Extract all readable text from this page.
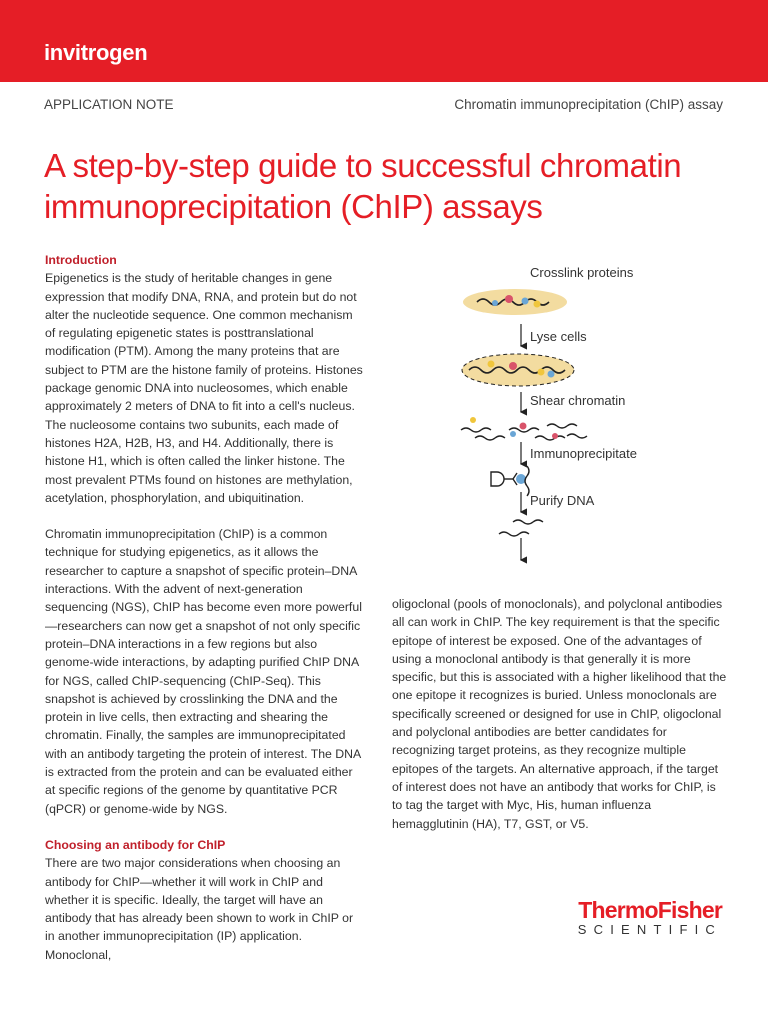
invitrogen
APPLICATION NOTE	Chromatin immunoprecipitation (ChIP) assay
A step-by-step guide to successful chromatin immunoprecipitation (ChIP) assays

Introduction

Epigenetics is the study of heritable changes in gene expression that modify DNA, RNA, and protein but do not alter the nucleotide sequence. One common mechanism of regulating epigenetic states is posttranslational modification (PTM). Among the many proteins that are subject to PTM are the histone family of proteins. Histones package genomic DNA into nucleosomes, which enable approximately 2 meters of DNA to fit into a cell's nucleus. The nucleosome contains two subunits, each made of histones H2A, H2B, H3, and H4. Additionally, there is histone H1, which is often called the linker histone. The most prevalent PTMs found on histones are methylation, acetylation, phosphorylation, and ubiquitination.

Chromatin immunoprecipitation (ChIP) is a common technique for studying epigenetics, as it allows the researcher to capture a snapshot of specific protein–DNA interactions. With the advent of next-generation sequencing (NGS), ChIP has become even more powerful—researchers can now get a snapshot of not only specific protein–DNA interactions in a few regions but also genome-wide interactions, by adapting purified ChIP DNA for NGS, called ChIP-sequencing (ChIP-Seq). This snapshot is achieved by crosslinking the DNA and the protein in live cells, then extracting and shearing the chromatin. Finally, the samples are immunoprecipitated with an antibody targeting the protein of interest. The DNA is extracted from the protein and can be evaluated either at specific regions of the genome by quantitative PCR (qPCR) or genome-wide by NGS.

Choosing an antibody for ChIP

There are two major considerations when choosing an antibody for ChIP—whether it will work in ChIP and whether it is specific. Ideally, the target will have an antibody that has already been shown to work in ChIP or in another immunoprecipitation (IP) application. Monoclonal,

oligoclonal (pools of monoclonals), and polyclonal antibodies all can work in ChIP. The key requirement is that the specific epitope of interest be exposed. One of the advantages of using a monoclonal antibody is that generally it is more specific, but this is associated with a higher likelihood that the one epitope it recognizes is buried. Unless monoclonals are specifically screened or designed for use in ChIP, oligoclonal and polyclonal antibodies are better candidates for recognizing target proteins, as they recognize multiple epitopes of the targets. An alternative approach, if the target of interest does not have an antibody that works for ChIP, is to tag the target with Myc, His, human influenza hemagglutinin (HA), T7, GST, or V5.

Crosslink proteins
Lyse cells
Shear chromatin
Immunoprecipitate
Purify DNA
ThermoFisher
SCIENTIFIC
